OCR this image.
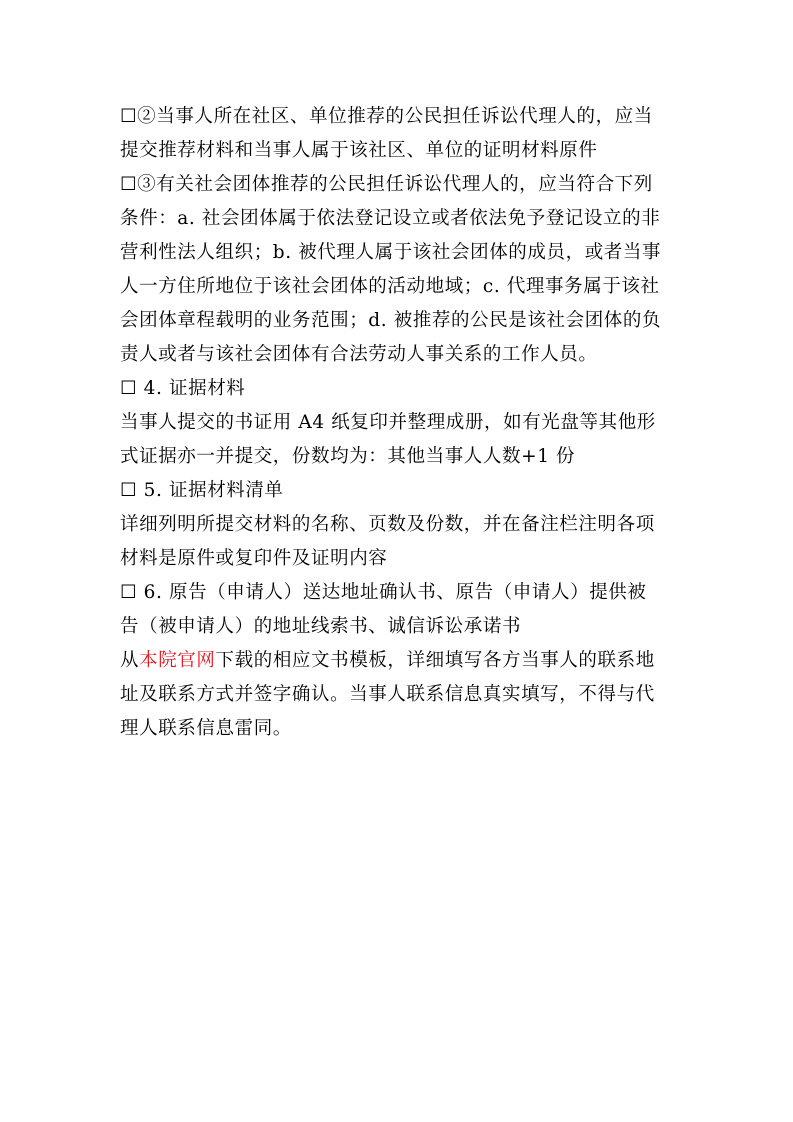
☐②当事人所在社区、单位推荐的公民担任诉讼代理人的，应当

提交推荐材料和当事人属于该社区、单位的证明材料原件

☐③有关社会团体推荐的公民担任诉讼代理人的，应当符合下列

条件：a. 社会团体属于依法登记设立或者依法免予登记设立的非

营利性法人组织；b. 被代理人属于该社会团体的成员，或者当事

人一方住所地位于该社会团体的活动地域；c. 代理事务属于该社

会团体章程载明的业务范围；d. 被推荐的公民是该社会团体的负

责人或者与该社会团体有合法劳动人事关系的工作人员。

☐ 4. 证据材料

当事人提交的书证用 A4 纸复印并整理成册，如有光盘等其他形

式证据亦一并提交，份数均为：其他当事人人数+1 份

☐ 5. 证据材料清单

详细列明所提交材料的名称、页数及份数，并在备注栏注明各项

材料是原件或复印件及证明内容

☐ 6. 原告（申请人）送达地址确认书、原告（申请人）提供被

告（被申请人）的地址线索书、诚信诉讼承诺书

从本院官网下载的相应文书模板，详细填写各方当事人的联系地

址及联系方式并签字确认。当事人联系信息真实填写，不得与代

理人联系信息雷同。
